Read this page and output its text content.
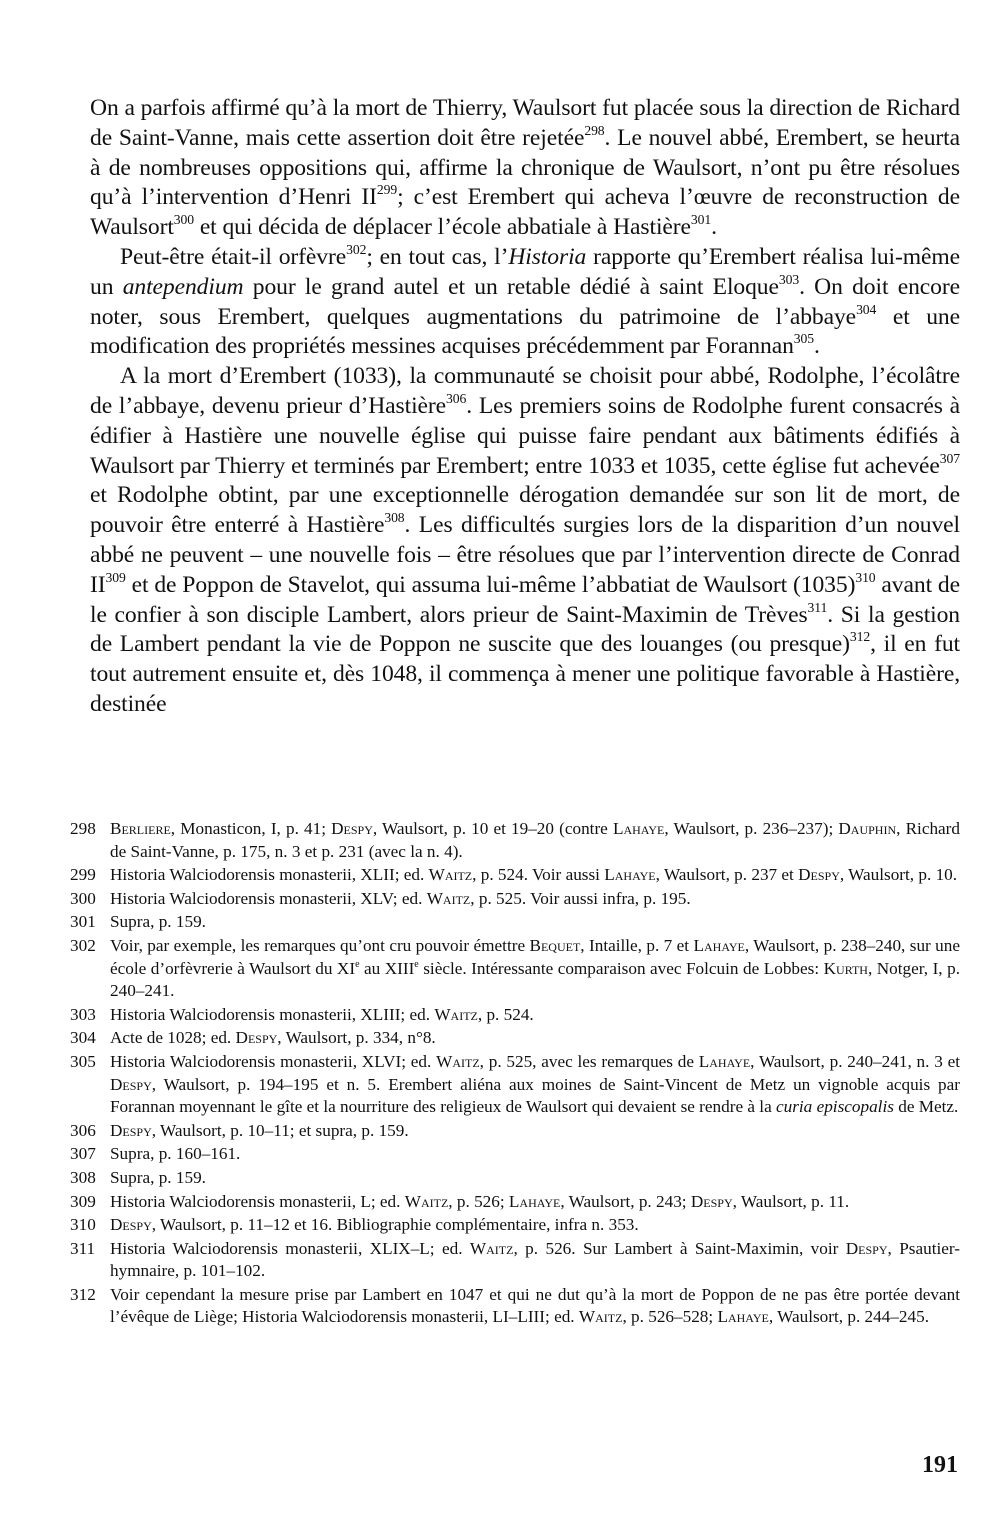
On a parfois affirmé qu’à la mort de Thierry, Waulsort fut placée sous la direction de Richard de Saint-Vanne, mais cette assertion doit être rejetée$^{298}$. Le nouvel abbé, Erembert, se heurta à de nombreuses oppositions qui, affirme la chronique de Waulsort, n’ont pu être résolues qu’à l’intervention d’Henri II$^{299}$; c’est Erembert qui acheva l’œuvre de reconstruction de Waulsort$^{300}$ et qui décida de déplacer l’école abbatiale à Hastière$^{301}$.

Peut-être était-il orfèvre$^{302}$; en tout cas, l’Historia rapporte qu’Erembert réalisa lui-même un antependium pour le grand autel et un retable dédié à saint Eloque$^{303}$. On doit encore noter, sous Erembert, quelques augmentations du patrimoine de l’abbaye$^{304}$ et une modification des propriétés messines acquises précédemment par Forannan$^{305}$.

A la mort d’Erembert (1033), la communauté se choisit pour abbé, Rodolphe, l’écolâtre de l’abbaye, devenu prieur d’Hastière$^{306}$. Les premiers soins de Rodolphe furent consacrés à édifier à Hastière une nouvelle église qui puisse faire pendant aux bâtiments édifiés à Waulsort par Thierry et terminés par Erembert; entre 1033 et 1035, cette église fut achevée$^{307}$ et Rodolphe obtint, par une exceptionnelle dérogation demandée sur son lit de mort, de pouvoir être enterré à Hastière$^{308}$. Les difficultés surgies lors de la disparition d’un nouvel abbé ne peuvent – une nouvelle fois – être résolues que par l’intervention directe de Conrad II$^{309}$ et de Poppon de Stavelot, qui assuma lui-même l’abbatiat de Waulsort $(1035)^{310}$ avant de le confier à son disciple Lambert, alors prieur de Saint-Maximin de Trèves$^{311}$. Si la gestion de Lambert pendant la vie de Poppon ne suscite que des louanges (ou presque)$^{312}$, il en fut tout autrement ensuite et, dès 1048, il commença à mener une politique favorable à Hastière, destinée

298 Berliere, Monasticon, I, p. 41; Despy, Waulsort, p. 10 et 19–20 (contre Lahaye, Waulsort, p. 236–237); Dauphin, Richard de Saint-Vanne, p. 175, n. 3 et p. 231 (avec la n. 4).
299 Historia Walciodorensis monasterii, XLII; ed. Waitz, p. 524. Voir aussi Lahaye, Waulsort, p. 237 et Despy, Waulsort, p. 10.
300 Historia Walciodorensis monasterii, XLV; ed. Waitz, p. 525. Voir aussi infra, p. 195.
301 Supra, p. 159.
302 Voir, par exemple, les remarques qu’ont cru pouvoir émettre Bequet, Intaille, p. 7 et Lahaye, Waulsort, p. 238–240, sur une école d’orfèvrerie à Waulsort du XIe au XIIIe siècle. Intéressante comparaison avec Folcuin de Lobbes: Kurth, Notger, I, p. 240–241.
303 Historia Walciodorensis monasterii, XLIII; ed. Waitz, p. 524.
304 Acte de 1028; ed. Despy, Waulsort, p. 334, n°8.
305 Historia Walciodorensis monasterii, XLVI; ed. Waitz, p. 525, avec les remarques de Lahaye, Waulsort, p. 240–241, n. 3 et Despy, Waulsort, p. 194–195 et n. 5. Erembert aliéna aux moines de Saint-Vincent de Metz un vignoble acquis par Forannan moyennant le gîte et la nourriture des religieux de Waulsort qui devaient se rendre à la curia episcopalis de Metz.
306 Despy, Waulsort, p. 10–11; et supra, p. 159.
307 Supra, p. 160–161.
308 Supra, p. 159.
309 Historia Walciodorensis monasterii, L; ed. Waitz, p. 526; Lahaye, Waulsort, p. 243; Despy, Waulsort, p. 11.
310 Despy, Waulsort, p. 11–12 et 16. Bibliographie complémentaire, infra n. 353.
311 Historia Walciodorensis monasterii, XLIX–L; ed. Waitz, p. 526. Sur Lambert à Saint-Maximin, voir Despy, Psautier-hymnaire, p. 101–102.
312 Voir cependant la mesure prise par Lambert en 1047 et qui ne dut qu’à la mort de Poppon de ne pas être portée devant l’évêque de Liège; Historia Walciodorensis monasterii, LI–LIII; ed. Waitz, p. 526–528; Lahaye, Waulsort, p. 244–245.
191
